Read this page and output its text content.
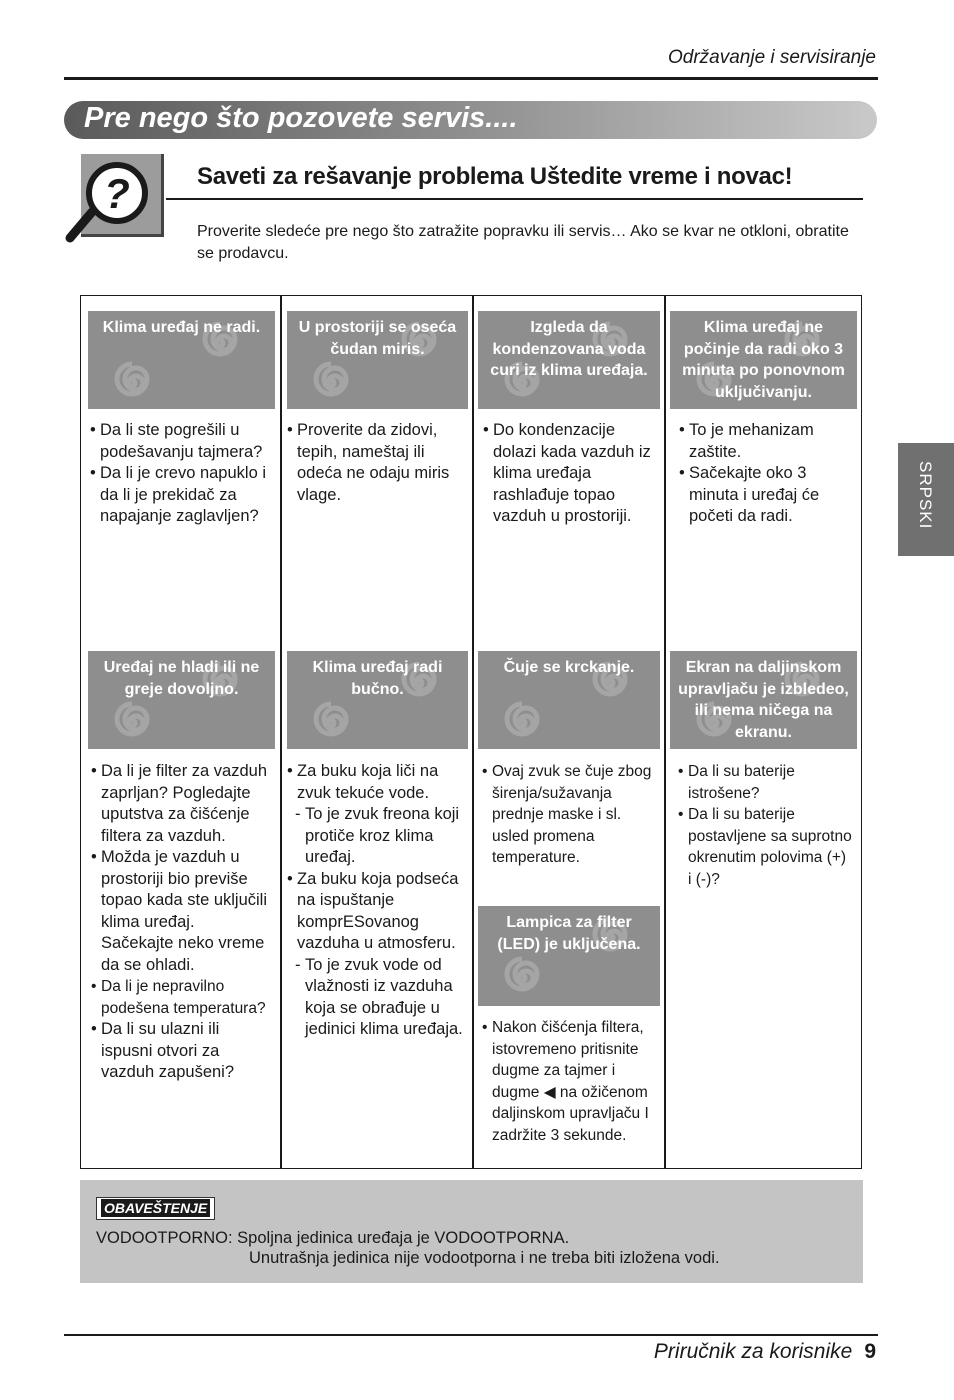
Održavanje i servisiranje
Pre nego što pozovete servis....
?	Saveti za rešavanje problema Uštedite vreme i novac!
Proverite sledeće pre nego što zatražite popravku ili servis… Ako se kvar ne otkloni, obratite se prodavcu.
Klima uređaj ne radi.
• Da li ste pogrešili u podešavanju tajmera?
• Da li je crevo napuklo i da li je prekidač za napajanje zaglavljen?
U prostoriji se oseća čudan miris.
• Proverite da zidovi, tepih, nameštaj ili odeća ne odaju miris vlage.
Izgleda da kondenzovana voda curi iz klima uređaja.
• Do kondenzacije dolazi kada vazduh iz klima uređaja rashlađuje topao vazduh u prostoriji.
Klima uređaj ne počinje da radi oko 3 minuta po ponovnom uključivanju.
• To je mehanizam zaštite.
• Sačekajte oko 3 minuta i uređaj će početi da radi.
Uređaj ne hladi ili ne greje dovoljno.
• Da li je filter za vazduh zaprljan? Pogledajte uputstva za čišćenje filtera za vazduh.
• Možda je vazduh u prostoriji bio previše topao kada ste uključili klima uređaj. Sačekajte neko vreme da se ohladi.
• Da li je nepravilno podešena temperatura?
• Da li su ulazni ili ispusni otvori za vazduh zapušeni?
Klima uređaj radi bučno.
• Za buku koja liči na zvuk tekuće vode.
- To je zvuk freona koji protiče kroz klima uređaj.
• Za buku koja podseća na ispuštanje komprESovanog vazduha u atmosferu.
- To je zvuk vode od vlažnosti iz vazduha koja se obrađuje u jedinici klima uređaja.
Čuje se krckanje.
• Ovaj zvuk se čuje zbog širenja/sužavanja prednje maske i sl. usled promena temperature.
Lampica za filter (LED) je uključena.
• Nakon čišćenja filtera, istovremeno pritisnite dugme za tajmer i dugme ◀ na ožičenom daljinskom upravljaču I zadržite 3 sekunde.
Ekran na daljinskom upravljaču je izbledeo, ili nema ničega na ekranu.
• Da li su baterije istrošene?
• Da li su baterije postavljene sa suprotno okrenutim polovima (+) i (-)?
OBAVEŠTENJE
VODOOTPORNO: Spoljna jedinica uređaja je VODOOTPORNA.
Unutrašnja jedinica nije vodootporna i ne treba biti izložena vodi.
SRPSKI
Priručnik za korisnike 9
